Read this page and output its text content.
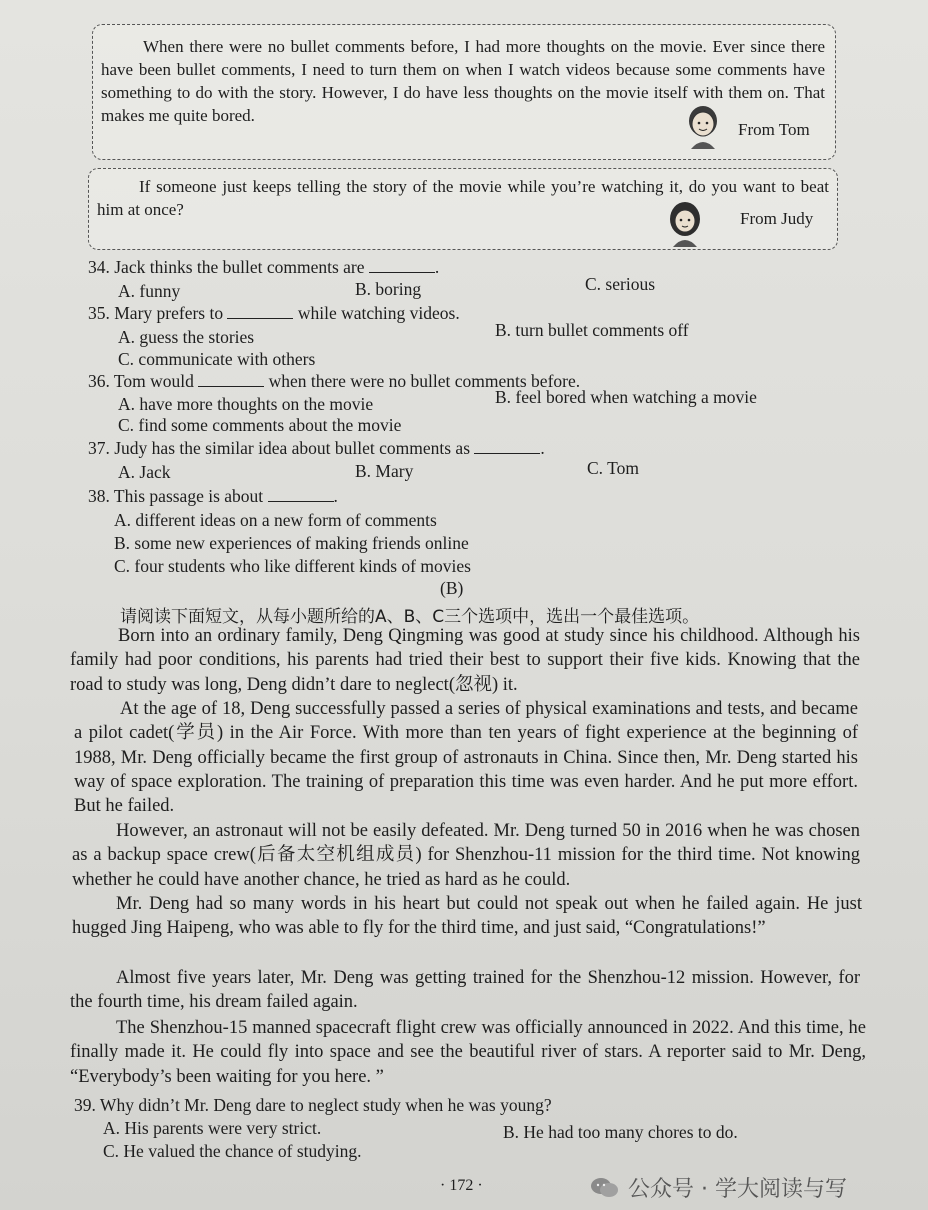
When there were no bullet comments before, I had more thoughts on the movie. Ever since there have been bullet comments, I need to turn them on when I watch videos because some comments have something to do with the story. However, I do have less thoughts on the movie itself with them on. That makes me quite bored.

From Tom

If someone just keeps telling the story of the movie while you’re watching it, do you want to beat him at once?	From Judy
34. Jack thinks the bullet comments are	.
A. funny	B. boring	C. serious
35. Mary prefers to	while watching videos.
A. guess the stories	B. turn bullet comments off
C. communicate with others
36. Tom would	when there were no bullet comments before.
A. have more thoughts on the movie	B. feel bored when watching a movie
C. find some comments about the movie
37. Judy has the similar idea about bullet comments as	.
A. Jack	B. Mary	C. Tom
38. This passage is about	.
A. different ideas on a new form of comments
B. some new experiences of making friends online
C. four students who like different kinds of movies
(B)
请阅读下面短文，从每小题所给的A、B、C三个选项中，选出一个最佳选项。

Born into an ordinary family, Deng Qingming was good at study since his childhood. Although his family had poor conditions, his parents had tried their best to support their five kids. Knowing that the road to study was long, Deng didn’t dare to neglect(忽视) it.

At the age of 18, Deng successfully passed a series of physical examinations and tests, and became a pilot cadet(学员) in the Air Force. With more than ten years of fight experience at the beginning of 1988, Mr. Deng officially became the first group of astronauts in China. Since then, Mr. Deng started his way of space exploration. The training of preparation this time was even harder. And he put more effort. But he failed.

However, an astronaut will not be easily defeated. Mr. Deng turned 50 in 2016 when he was chosen as a backup space crew(后备太空机组成员) for Shenzhou-11 mission for the third time. Not knowing whether he could have another chance, he tried as hard as he could.

Mr. Deng had so many words in his heart but could not speak out when he failed again. He just hugged Jing Haipeng, who was able to fly for the third time, and just said, “Congratulations!”

Almost five years later, Mr. Deng was getting trained for the Shenzhou-12 mission. However, for the fourth time, his dream failed again.

The Shenzhou-15 manned spacecraft flight crew was officially announced in 2022. And this time, he finally made it. He could fly into space and see the beautiful river of stars. A reporter said to Mr. Deng, “Everybody’s been waiting for you here. ”

39. Why didn’t Mr. Deng dare to neglect study when he was young?
A. His parents were very strict.	B. He had too many chores to do.
C. He valued the chance of studying.
· 172 ·	公众号 · 学大阅读与写
